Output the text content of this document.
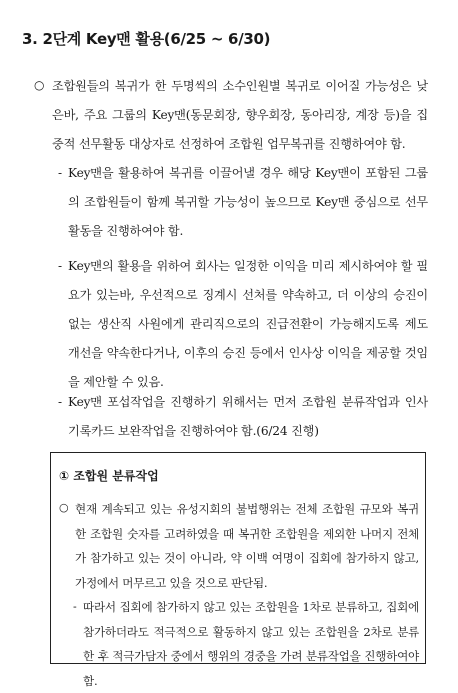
3. 2단계 Key맨 활용(6/25 ~ 6/30)
○ 조합원들의 복귀가 한 두명씩의 소수인원별 복귀로 이어질 가능성은 낮은바, 주요 그룹의 Key맨(동문회장, 향우회장, 동아리장, 계장 등)을 집중적 선무활동 대상자로 선정하여 조합원 업무복귀를 진행하여야 함.

- Key맨을 활용하여 복귀를 이끌어낼 경우 해당 Key맨이 포함된 그룹의 조합원들이 함께 복귀할 가능성이 높으므로 Key맨 중심으로 선무활동을 진행하여야 함.

- Key맨의 활용을 위하여 회사는 일정한 이익을 미리 제시하여야 할 필요가 있는바, 우선적으로 징계시 선처를 약속하고, 더 이상의 승진이 없는 생산직 사원에게 관리직으로의 진급전환이 가능해지도록 제도 개선을 약속한다거나, 이후의 승진 등에서 인사상 이익을 제공할 것임을 제안할 수 있음.

- Key맨 포섭작업을 진행하기 위해서는 먼저 조합원 분류작업과 인사기록카드 보완작업을 진행하여야 함.(6/24 진행)

① 조합원 분류작업
○ 현재 계속되고 있는 유성지회의 불법행위는 전체 조합원 규모와 복귀한 조합원 숫자를 고려하였을 때 복귀한 조합원을 제외한 나머지 전체가 참가하고 있는 것이 아니라, 약 이백 여명이 집회에 참가하지 않고, 가정에서 머무르고 있을 것으로 판단됨.

- 따라서 집회에 참가하지 않고 있는 조합원을 1차로 분류하고, 집회에 참가하더라도 적극적으로 활동하지 않고 있는 조합원을 2차로 분류한 후 적극가담자 중에서 행위의 경중을 가려 분류작업을 진행하여야 함.
